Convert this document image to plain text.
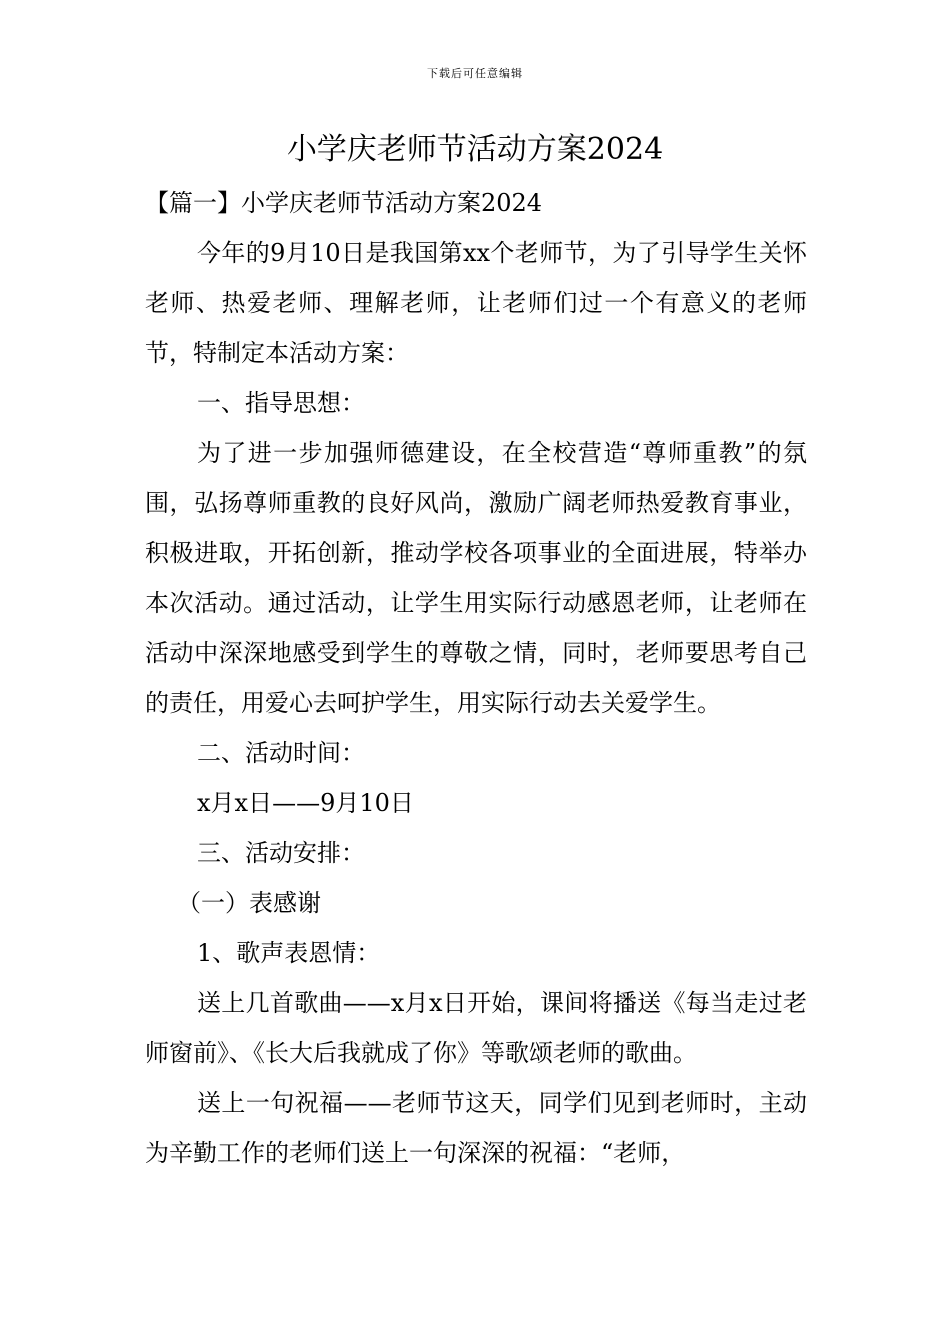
下载后可任意编辑
小学庆老师节活动方案2024

【篇一】小学庆老师节活动方案2024

今年的9月10日是我国第xx个老师节，为了引导学生关怀老师、热爱老师、理解老师，让老师们过一个有意义的老师节，特制定本活动方案：

一、指导思想：

为了进一步加强师德建设，在全校营造“尊师重教”的氛围，弘扬尊师重教的良好风尚，激励广阔老师热爱教育事业，积极进取，开拓创新，推动学校各项事业的全面进展，特举办本次活动。通过活动，让学生用实际行动感恩老师，让老师在活动中深深地感受到学生的尊敬之情，同时，老师要思考自己的责任，用爱心去呵护学生，用实际行动去关爱学生。

二、活动时间：

x月x日——9月10日

三、活动安排：

（一）表感谢

1、歌声表恩情：

送上几首歌曲——x月x日开始，课间将播送《每当走过老师窗前》、《长大后我就成了你》等歌颂老师的歌曲。

送上一句祝福——老师节这天，同学们见到老师时，主动为辛勤工作的老师们送上一句深深的祝福：“老师，
